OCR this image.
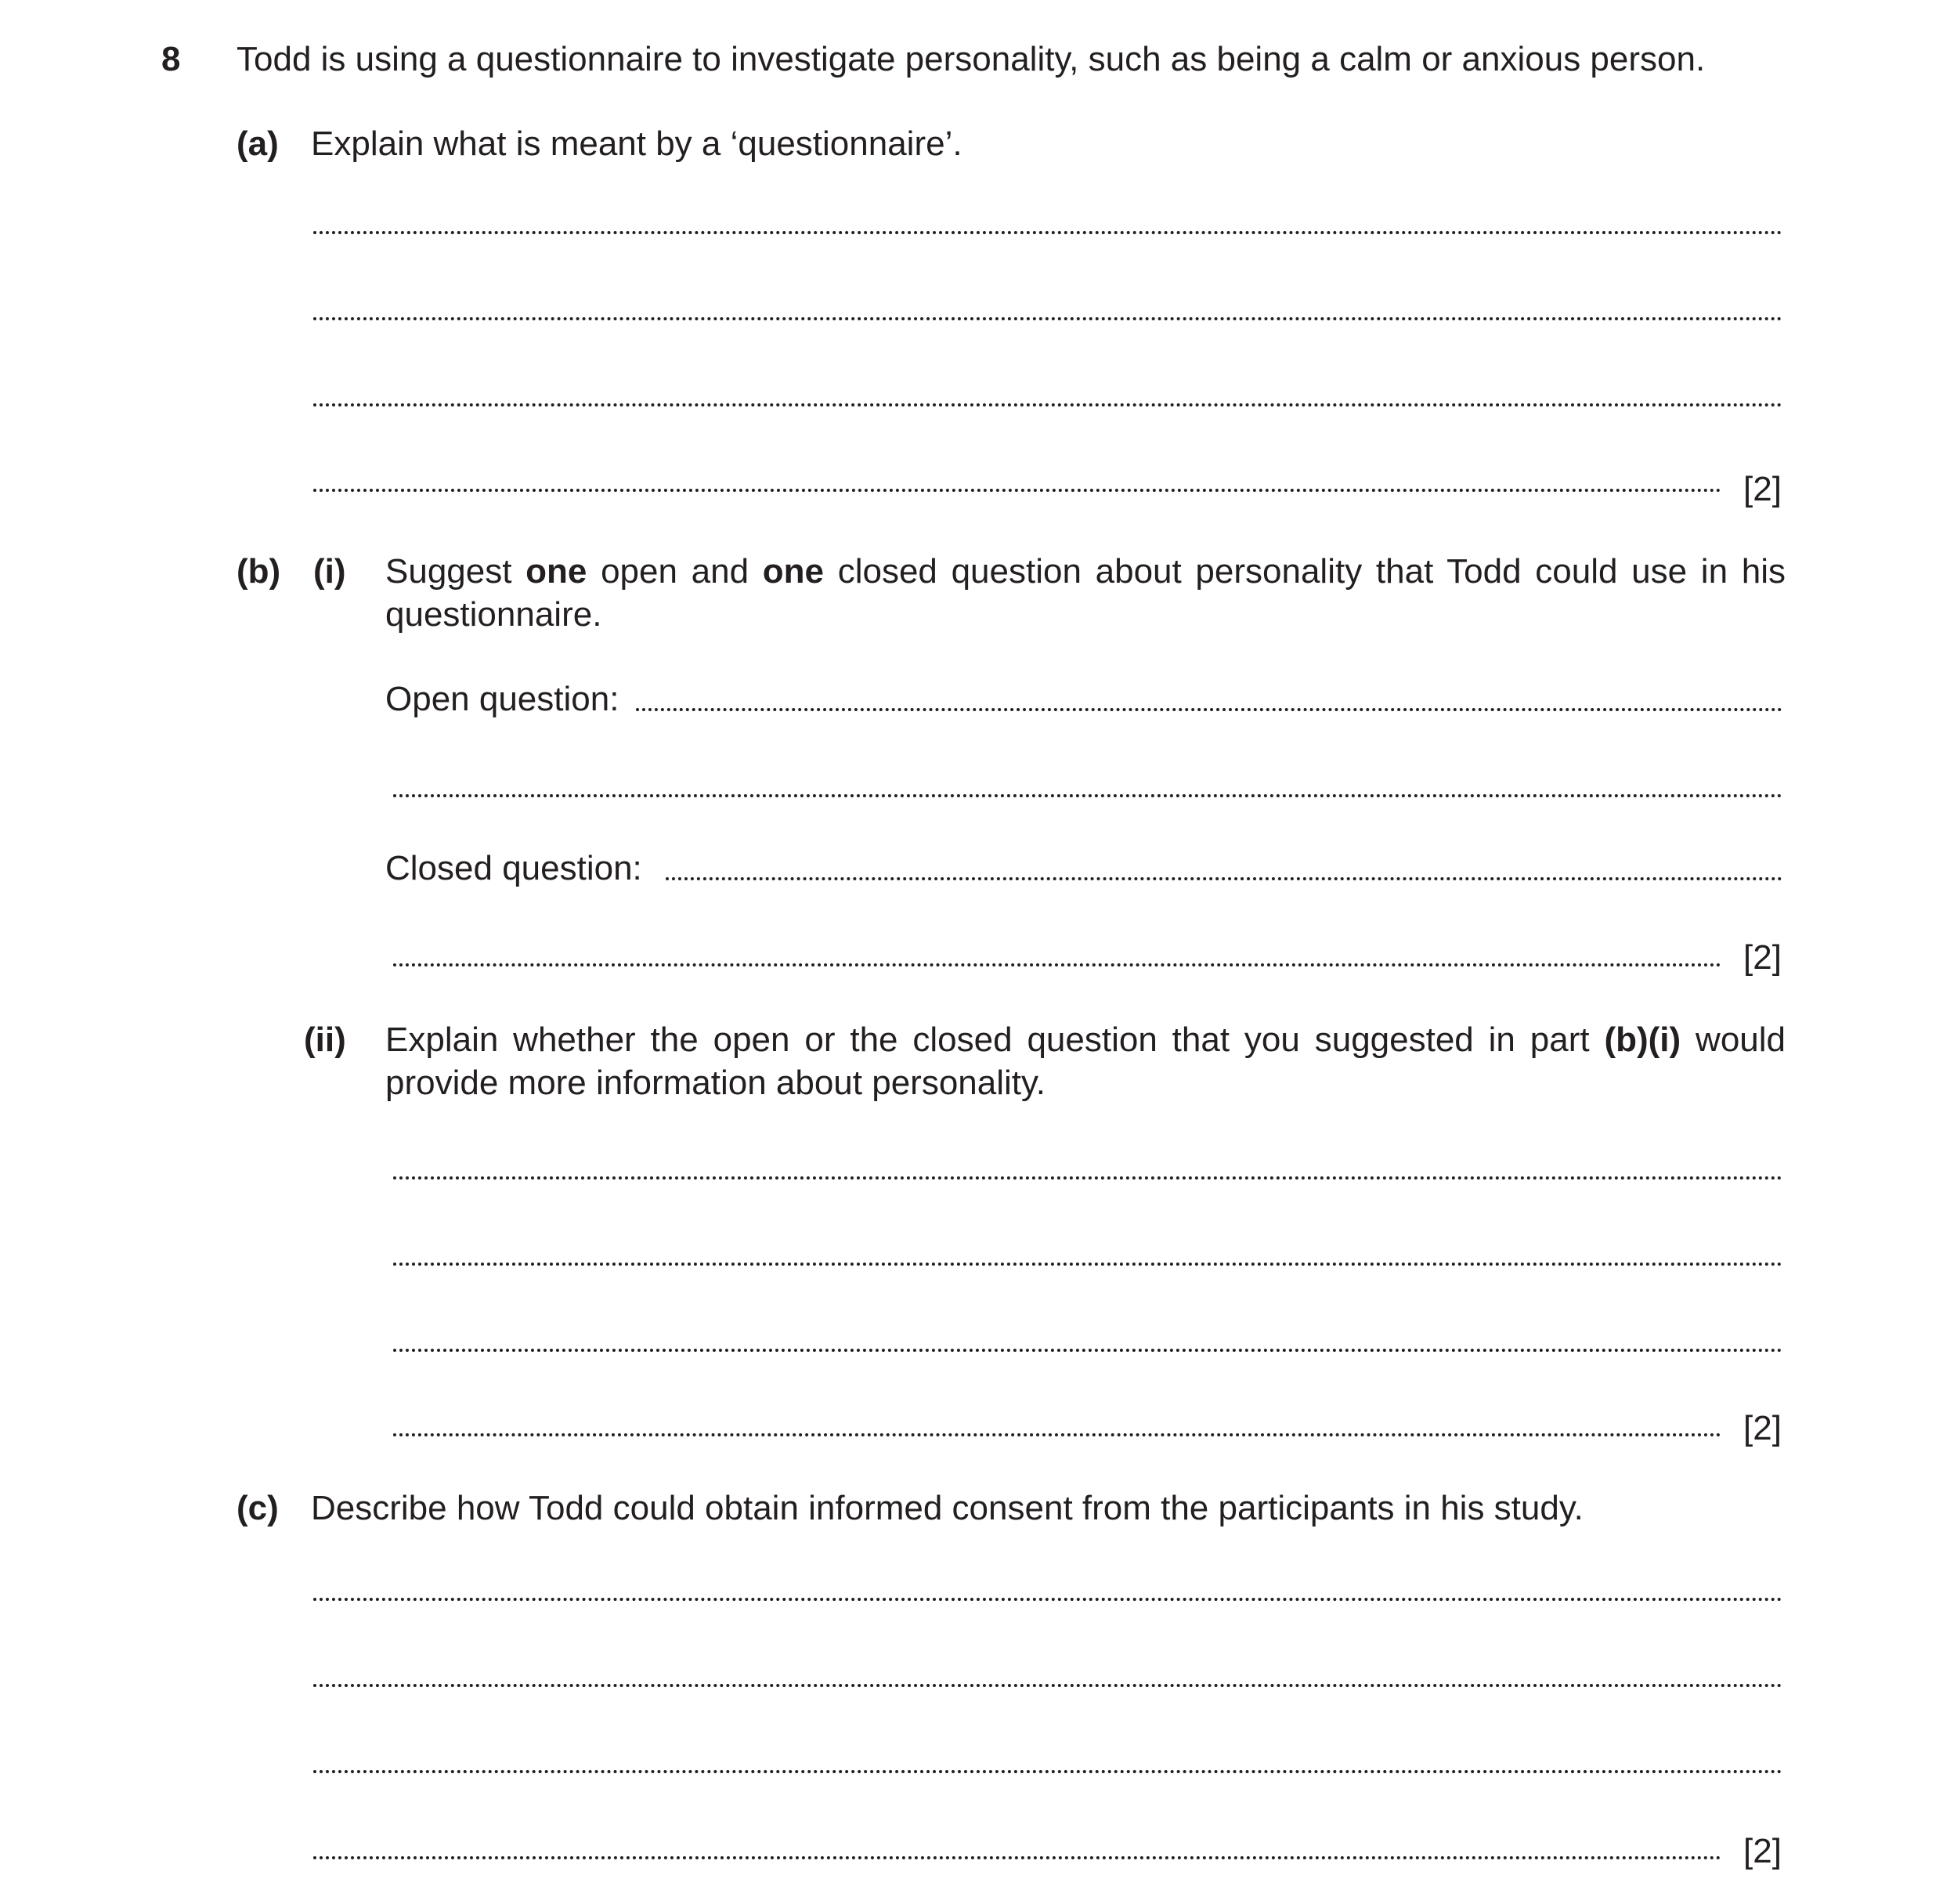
8 Todd is using a questionnaire to investigate personality, such as being a calm or anxious person.
(a) Explain what is meant by a ‘questionnaire’.
[2]
(b) (i) Suggest one open and one closed question about personality that Todd could use in his questionnaire.
Open question:
Closed question:
[2]
(ii) Explain whether the open or the closed question that you suggested in part (b)(i) would provide more information about personality.
[2]
(c) Describe how Todd could obtain informed consent from the participants in his study.
[2]
